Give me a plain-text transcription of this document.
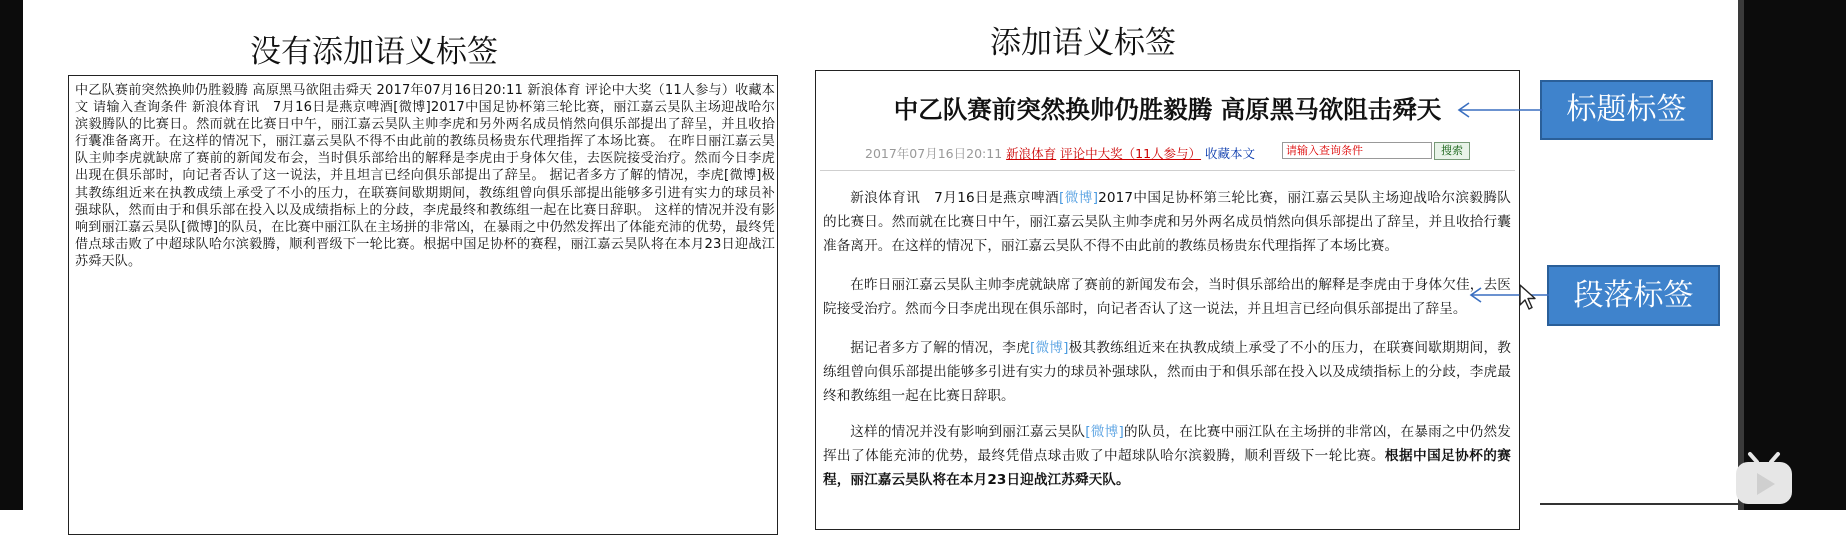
没有添加语义标签	添加语义标签
中乙队赛前突然换帅仍胜毅腾 高原黑马欲阻击舜天 2017年07月16日20:11 新浪体育 评论中大奖（11人参与）收藏本文 请输入查询条件 新浪体育讯　7月16日是燕京啤酒[微博]2017中国足协杯第三轮比赛，丽江嘉云昊队主场迎战哈尔滨毅腾队的比赛日。然而就在比赛日中午，丽江嘉云昊队主帅李虎和另外两名成员悄然向俱乐部提出了辞呈，并且收拾行囊准备离开。在这样的情况下，丽江嘉云昊队不得不由此前的教练员杨贵东代理指挥了本场比赛。 在昨日丽江嘉云昊队主帅李虎就缺席了赛前的新闻发布会，当时俱乐部给出的解释是李虎由于身体欠佳，去医院接受治疗。然而今日李虎出现在俱乐部时，向记者否认了这一说法，并且坦言已经向俱乐部提出了辞呈。 据记者多方了解的情况，李虎[微博]极其教练组近来在执教成绩上承受了不小的压力，在联赛间歇期期间，教练组曾向俱乐部提出能够多引进有实力的球员补强球队，然而由于和俱乐部在投入以及成绩指标上的分歧，李虎最终和教练组一起在比赛日辞职。 这样的情况并没有影响到丽江嘉云昊队[微博]的队员，在比赛中丽江队在主场拼的非常凶，在暴雨之中仍然发挥出了体能充沛的优势，最终凭借点球击败了中超球队哈尔滨毅腾，顺利晋级下一轮比赛。根据中国足协杯的赛程，丽江嘉云昊队将在本月23日迎战江苏舜天队。
中乙队赛前突然换帅仍胜毅腾 高原黑马欲阻击舜天
2017年07月16日20:11 新浪体育 评论中大奖（11人参与） 收藏本文	请输入查询条件	搜索
新浪体育讯　7月16日是燕京啤酒[微博]2017中国足协杯第三轮比赛，丽江嘉云昊队主场迎战哈尔滨毅腾队的比赛日。然而就在比赛日中午，丽江嘉云昊队主帅李虎和另外两名成员悄然向俱乐部提出了辞呈，并且收拾行囊准备离开。在这样的情况下，丽江嘉云昊队不得不由此前的教练员杨贵东代理指挥了本场比赛。
在昨日丽江嘉云昊队主帅李虎就缺席了赛前的新闻发布会，当时俱乐部给出的解释是李虎由于身体欠佳，去医院接受治疗。然而今日李虎出现在俱乐部时，向记者否认了这一说法，并且坦言已经向俱乐部提出了辞呈。
据记者多方了解的情况，李虎[微博]极其教练组近来在执教成绩上承受了不小的压力，在联赛间歇期期间，教练组曾向俱乐部提出能够多引进有实力的球员补强球队，然而由于和俱乐部在投入以及成绩指标上的分歧，李虎最终和教练组一起在比赛日辞职。
这样的情况并没有影响到丽江嘉云昊队[微博]的队员，在比赛中丽江队在主场拼的非常凶，在暴雨之中仍然发挥出了体能充沛的优势，最终凭借点球击败了中超球队哈尔滨毅腾，顺利晋级下一轮比赛。根据中国足协杯的赛程，丽江嘉云昊队将在本月23日迎战江苏舜天队。
标题标签
段落标签
